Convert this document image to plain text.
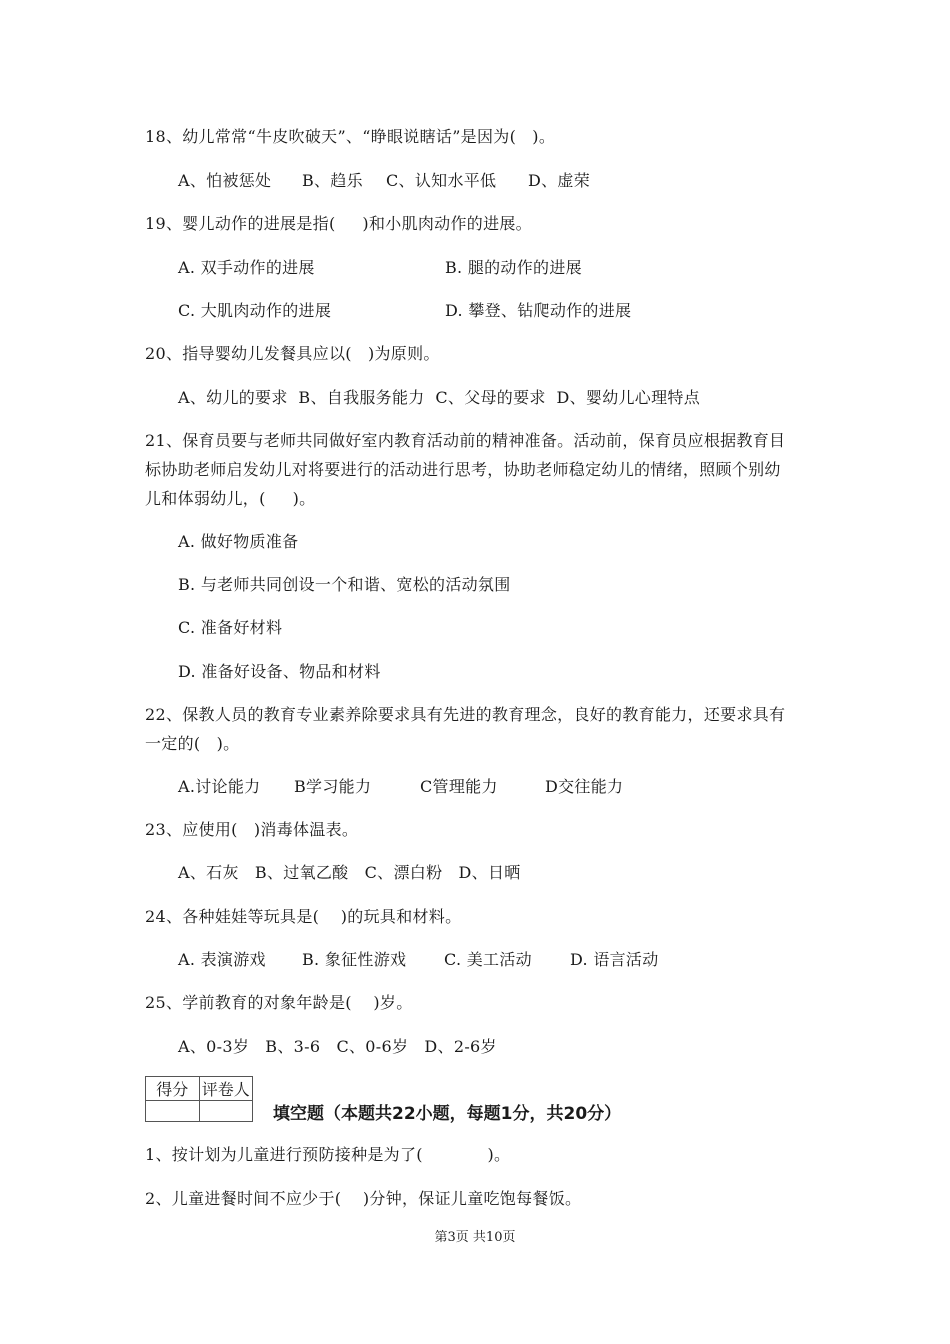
18、幼儿常常“牛皮吹破天”、“睁眼说瞎话”是因为(   )。
A、怕被惩处 B、趋乐 C、认知水平低 D、虚荣
19、婴儿动作的进展是指(     )和小肌肉动作的进展。
A. 双手动作的进展	B. 腿的动作的进展
C. 大肌肉动作的进展	D. 攀登、钻爬动作的进展
20、指导婴幼儿发餐具应以(   )为原则。
A、幼儿的要求  B、自我服务能力  C、父母的要求  D、婴幼儿心理特点
21、保育员要与老师共同做好室内教育活动前的精神准备。活动前，保育员应根据教育目
标协助老师启发幼儿对将要进行的活动进行思考，协助老师稳定幼儿的情绪，照顾个别幼
儿和体弱幼儿，(     )。
A. 做好物质准备
B. 与老师共同创设一个和谐、宽松的活动氛围
C. 准备好材料
D. 准备好设备、物品和材料
22、保教人员的教育专业素养除要求具有先进的教育理念，良好的教育能力，还要求具有
一定的(   )。
A.讨论能力 B学习能力	C管理能力	D交往能力
23、应使用(   )消毒体温表。
A、石灰   B、过氧乙酸   C、漂白粉   D、日晒
24、各种娃娃等玩具是(    )的玩具和材料。
A. 表演游戏 B. 象征性游戏 C. 美工活动 D. 语言活动
25、学前教育的对象年龄是(    )岁。
A、0-3岁   B、3-6   C、0-6岁   D、2-6岁
得分	评卷人

填空题（本题共22小题，每题1分，共20分）
1、按计划为儿童进行预防接种是为了(            )。
2、儿童进餐时间不应少于(    )分钟，保证儿童吃饱每餐饭。
第3页 共10页
